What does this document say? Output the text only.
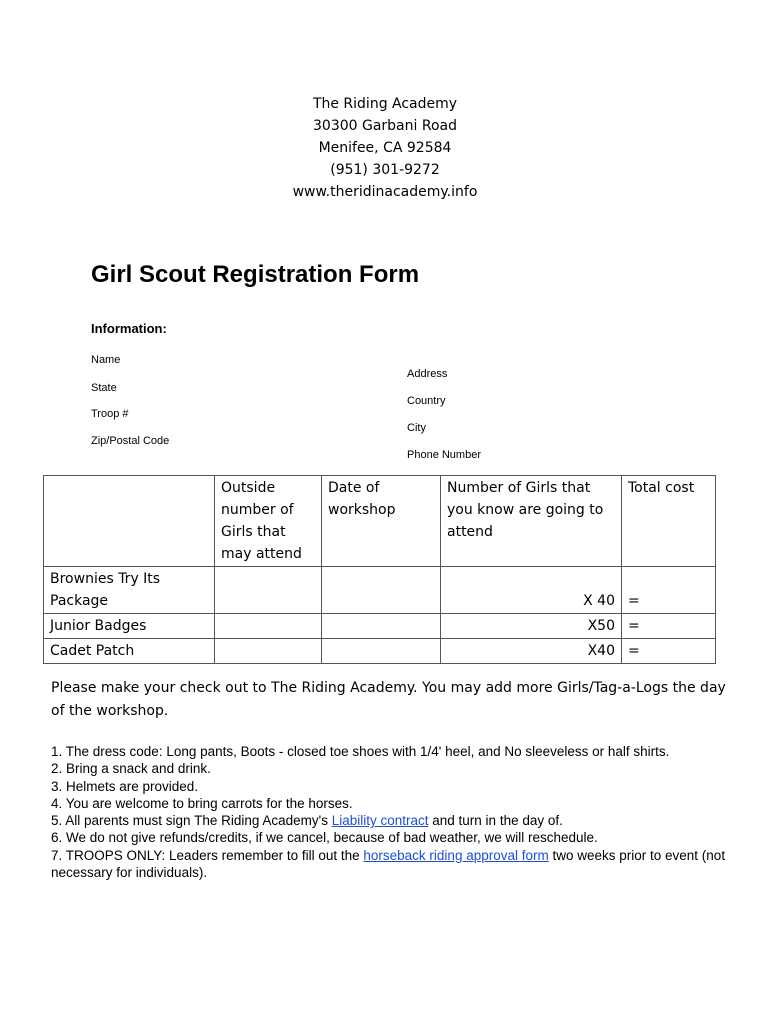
The Riding Academy
30300 Garbani Road
Menifee, CA 92584
(951) 301-9272
www.theridinacademy.info
Girl Scout Registration Form
Information:
Name
State
Troop #
Zip/Postal Code
Address
Country
City
Phone Number
	Outside number of Girls that may attend	Date of workshop	Number of Girls that you know are going to attend	Total cost
Brownies Try Its Package			X 40	=
Junior Badges			X50	=
Cadet Patch			X40	=
Please make your check out to The Riding Academy. You may add more Girls/Tag-a-Logs the day of the workshop.
1. The dress code: Long pants, Boots - closed toe shoes with 1/4' heel, and No sleeveless or half shirts.
2. Bring a snack and drink.
3. Helmets are provided.
4. You are welcome to bring carrots for the horses.
5. All parents must sign The Riding Academy's Liability contract and turn in the day of.
6. We do not give refunds/credits, if we cancel, because of bad weather, we will reschedule.
7. TROOPS ONLY: Leaders remember to fill out the horseback riding approval form two weeks prior to event (not necessary for individuals).
